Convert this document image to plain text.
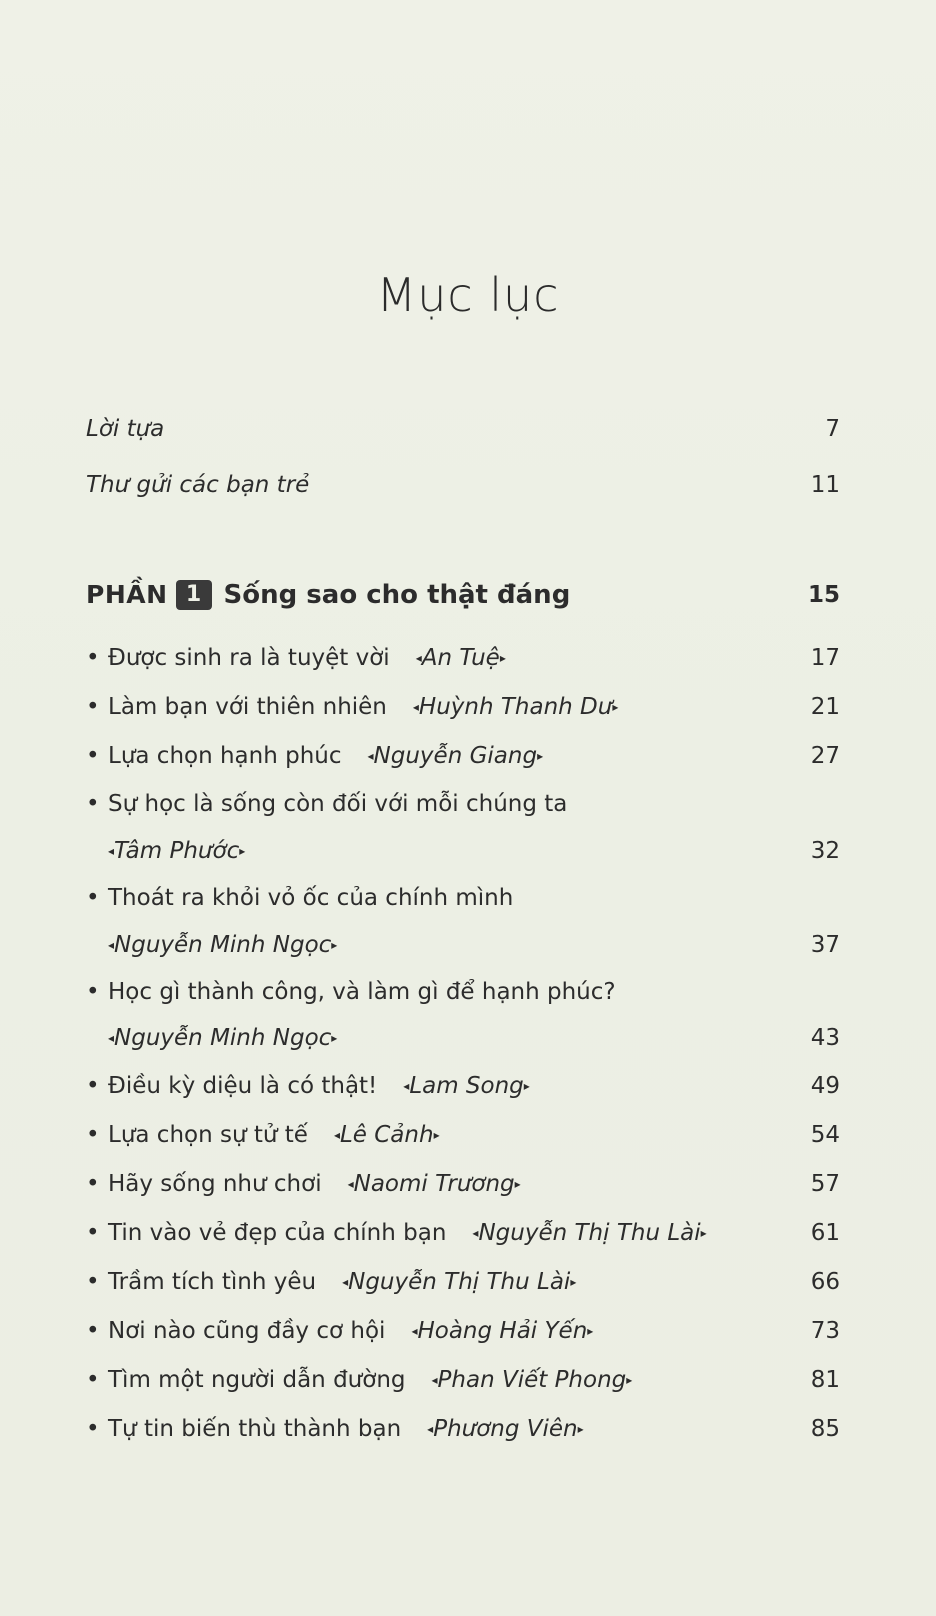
Mục lục
Lời tựa	7
Thư gửi các bạn trẻ	11
PHẦN 1 Sống sao cho thật đáng	15
• Được sinh ra là tuyệt vời ◂An Tuệ▸	17
• Làm bạn với thiên nhiên ◂Huỳnh Thanh Dư▸	21
• Lựa chọn hạnh phúc ◂Nguyễn Giang▸	27
• Sự học là sống còn đối với mỗi chúng ta
◂Tâm Phước▸	32
• Thoát ra khỏi vỏ ốc của chính mình
◂Nguyễn Minh Ngọc▸	37
• Học gì thành công, và làm gì để hạnh phúc?
◂Nguyễn Minh Ngọc▸	43
• Điều kỳ diệu là có thật! ◂Lam Song▸	49
• Lựa chọn sự tử tế ◂Lê Cảnh▸	54
• Hãy sống như chơi ◂Naomi Trương▸	57
• Tin vào vẻ đẹp của chính bạn ◂Nguyễn Thị Thu Lài▸	61
• Trầm tích tình yêu ◂Nguyễn Thị Thu Lài▸	66
• Nơi nào cũng đầy cơ hội ◂Hoàng Hải Yến▸	73
• Tìm một người dẫn đường ◂Phan Viết Phong▸	81
• Tự tin biến thù thành bạn ◂Phương Viên▸	85
